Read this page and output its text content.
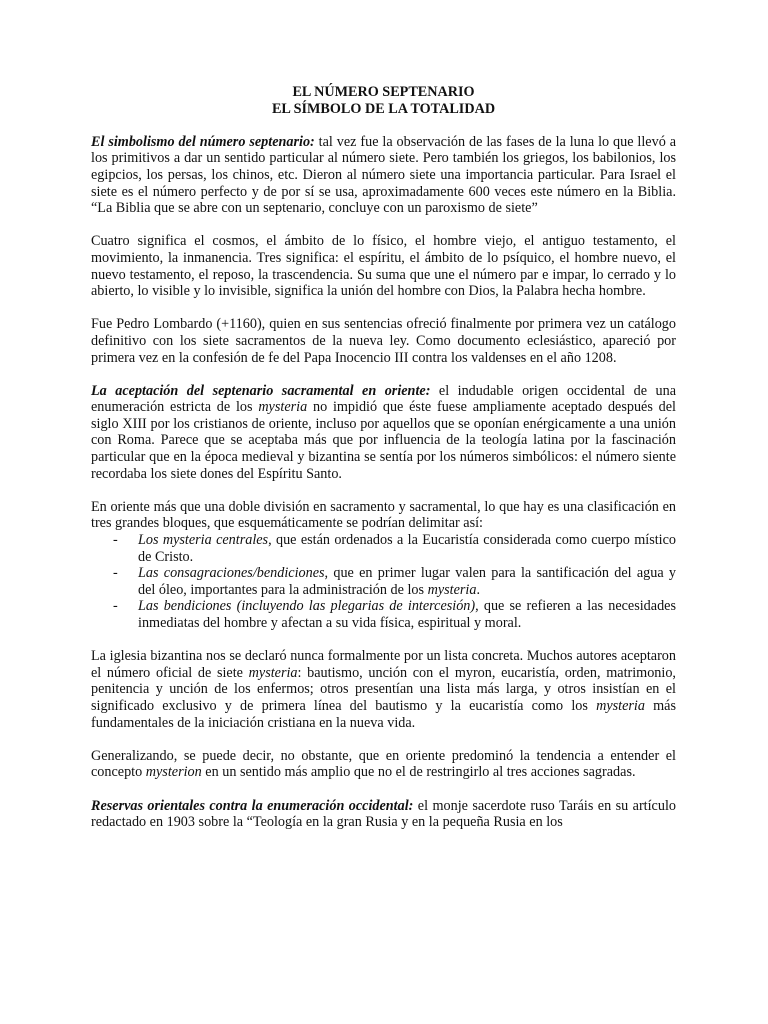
EL NÚMERO SEPTENARIO

EL SÍMBOLO DE LA TOTALIDAD

El simbolismo del número septenario: tal vez fue la observación de las fases de la luna lo que llevó a los primitivos a dar un sentido particular al número siete. Pero también los griegos, los babilonios, los egipcios, los persas, los chinos, etc. Dieron al número siete una importancia particular. Para Israel el siete es el número perfecto y de por sí se usa, aproximadamente 600 veces este número en la Biblia. “La Biblia que se abre con un septenario, concluye con un paroxismo de siete”

Cuatro significa el cosmos, el ámbito de lo físico, el hombre viejo, el antiguo testamento, el movimiento, la inmanencia. Tres significa: el espíritu, el ámbito de lo psíquico, el hombre nuevo, el nuevo testamento, el reposo, la trascendencia. Su suma que une el número par e impar, lo cerrado y lo abierto, lo visible y lo invisible, significa la unión del hombre con Dios, la Palabra hecha hombre.

Fue Pedro Lombardo (+1160), quien en sus sentencias ofreció finalmente por primera vez un catálogo definitivo con los siete sacramentos de la nueva ley. Como documento eclesiástico, apareció por primera vez en la confesión de fe del Papa Inocencio III contra los valdenses en el año 1208.

La aceptación del septenario sacramental en oriente: el indudable origen occidental de una enumeración estricta de los mysteria no impidió que éste fuese ampliamente aceptado después del siglo XIII por los cristianos de oriente, incluso por aquellos que se oponían enérgicamente a una unión con Roma. Parece que se aceptaba más que por influencia de la teología latina por la fascinación particular que en la época medieval y bizantina se sentía por los números simbólicos: el número siente recordaba los siete dones del Espíritu Santo.

En oriente más que una doble división en sacramento y sacramental, lo que hay es una clasificación en tres grandes bloques, que esquemáticamente se podrían delimitar así:

- Los mysteria centrales, que están ordenados a la Eucaristía considerada como cuerpo místico de Cristo.
- Las consagraciones/bendiciones, que en primer lugar valen para la santificación del agua y del óleo, importantes para la administración de los mysteria.
- Las bendiciones (incluyendo las plegarias de intercesión), que se refieren a las necesidades inmediatas del hombre y afectan a su vida física, espiritual y moral.

La iglesia bizantina nos se declaró nunca formalmente por un lista concreta. Muchos autores aceptaron el número oficial de siete mysteria: bautismo, unción con el myron, eucaristía, orden, matrimonio, penitencia y unción de los enfermos; otros presentían una lista más larga, y otros insistían en el significado exclusivo y de primera línea del bautismo y la eucaristía como los mysteria más fundamentales de la iniciación cristiana en la nueva vida.

Generalizando, se puede decir, no obstante, que en oriente predominó la tendencia a entender el concepto mysterion en un sentido más amplio que no el de restringirlo al tres acciones sagradas.

Reservas orientales contra la enumeración occidental: el monje sacerdote ruso Taráis en su artículo redactado en 1903 sobre la “Teología en la gran Rusia y en la pequeña Rusia en los
